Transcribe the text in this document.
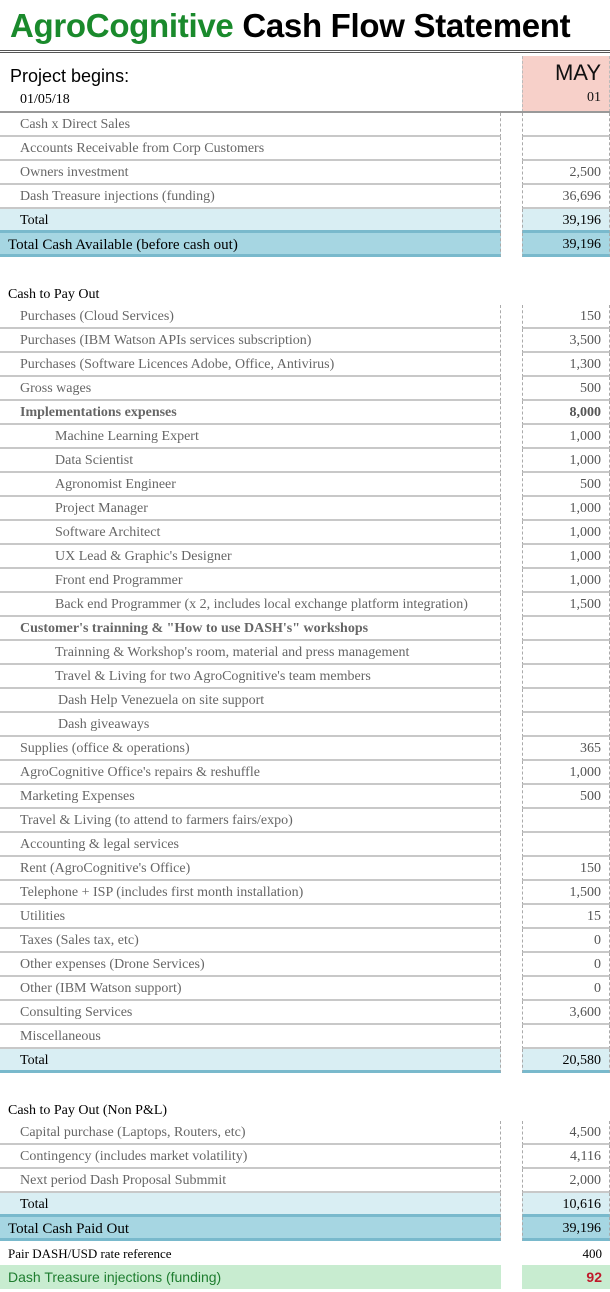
AgroCognitive Cash Flow Statement
Project begins:
01/05/18
MAY
01
Cash x Direct Sales
Accounts Receivable from Corp Customers
Owners investment	2,500
Dash Treasure injections (funding)	36,696
Total	39,196
Total Cash Available (before cash out)	39,196
Cash to Pay Out
Purchases (Cloud Services)	150
Purchases (IBM Watson APIs services subscription)	3,500
Purchases (Software Licences Adobe, Office, Antivirus)	1,300
Gross wages	500
Implementations expenses	8,000
Machine Learning Expert	1,000
Data Scientist	1,000
Agronomist Engineer	500
Project Manager	1,000
Software Architect	1,000
UX Lead & Graphic's Designer	1,000
Front end Programmer	1,000
Back end Programmer (x 2, includes local exchange platform integration)	1,500
Customer's trainning & "How to use DASH's" workshops
Trainning & Workshop's room, material and press management
Travel & Living for two AgroCognitive's team members
Dash Help Venezuela on site support
Dash giveaways
Supplies (office & operations)	365
AgroCognitive Office's repairs & reshuffle	1,000
Marketing Expenses	500
Travel & Living (to attend to farmers fairs/expo)
Accounting & legal services
Rent (AgroCognitive's Office)	150
Telephone + ISP (includes first month installation)	1,500
Utilities	15
Taxes (Sales tax, etc)	0
Other expenses (Drone Services)	0
Other (IBM Watson support)	0
Consulting Services	3,600
Miscellaneous
Total	20,580
Cash to Pay Out (Non P&L)
Capital purchase (Laptops, Routers, etc)	4,500
Contingency (includes market volatility)	4,116
Next period Dash Proposal Submmit	2,000
Total	10,616
Total Cash Paid Out	39,196
Pair DASH/USD rate reference	400
Dash Treasure injections (funding)	92
